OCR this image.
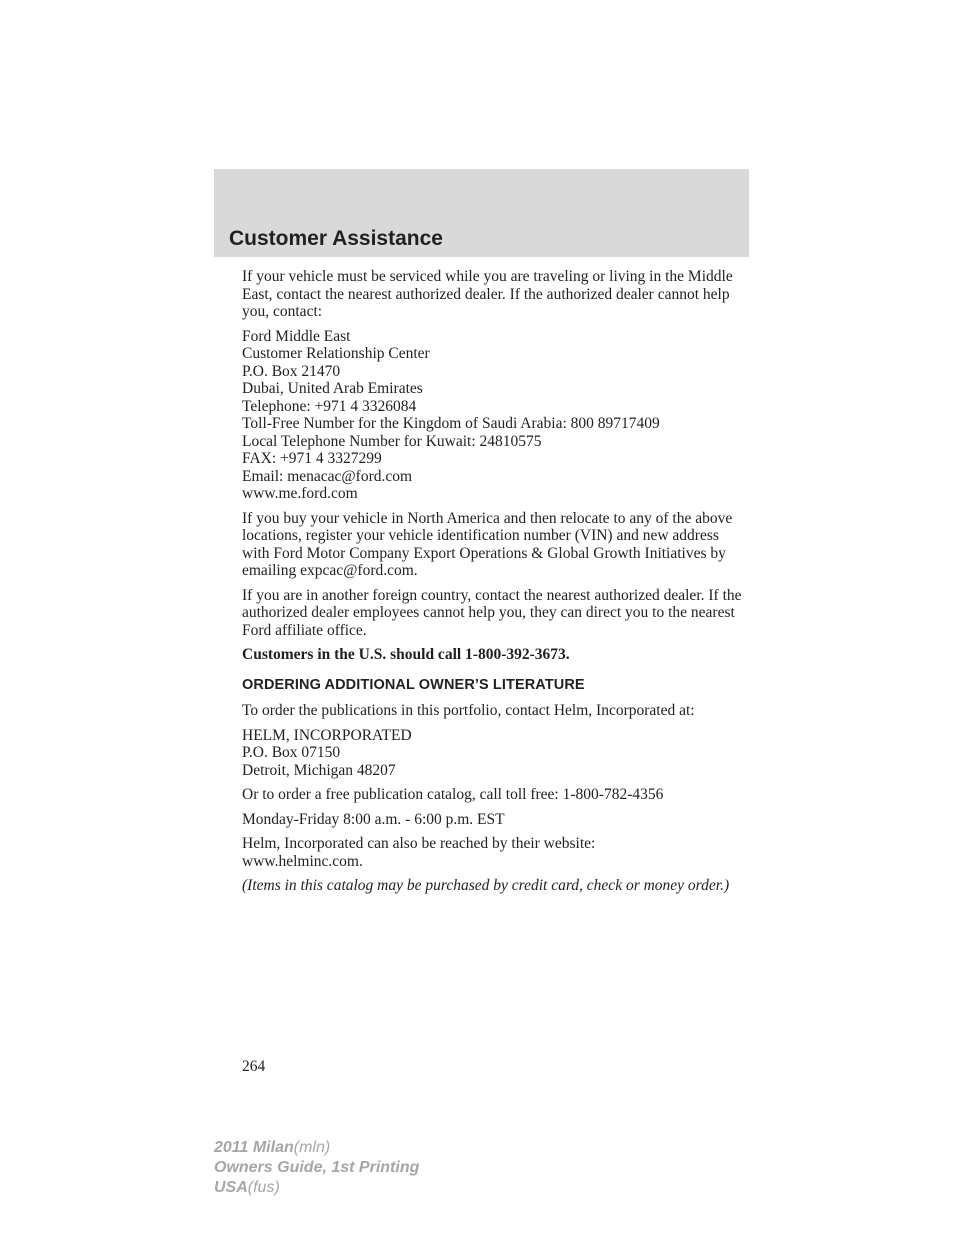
Customer Assistance

If your vehicle must be serviced while you are traveling or living in the Middle East, contact the nearest authorized dealer. If the authorized dealer cannot help you, contact:

Ford Middle East
Customer Relationship Center
P.O. Box 21470
Dubai, United Arab Emirates
Telephone: +971 4 3326084
Toll-Free Number for the Kingdom of Saudi Arabia: 800 89717409
Local Telephone Number for Kuwait: 24810575
FAX: +971 4 3327299
Email: menacac@ford.com
www.me.ford.com

If you buy your vehicle in North America and then relocate to any of the above locations, register your vehicle identification number (VIN) and new address with Ford Motor Company Export Operations & Global Growth Initiatives by emailing expcac@ford.com.

If you are in another foreign country, contact the nearest authorized dealer. If the authorized dealer employees cannot help you, they can direct you to the nearest Ford affiliate office.

Customers in the U.S. should call 1-800-392-3673.

ORDERING ADDITIONAL OWNER’S LITERATURE

To order the publications in this portfolio, contact Helm, Incorporated at:

HELM, INCORPORATED
P.O. Box 07150
Detroit, Michigan 48207

Or to order a free publication catalog, call toll free: 1-800-782-4356

Monday-Friday 8:00 a.m. - 6:00 p.m. EST

Helm, Incorporated can also be reached by their website:
www.helminc.com.

(Items in this catalog may be purchased by credit card, check or money order.)

264
2011 Milan(mln)
Owners Guide, 1st Printing
USA(fus)
